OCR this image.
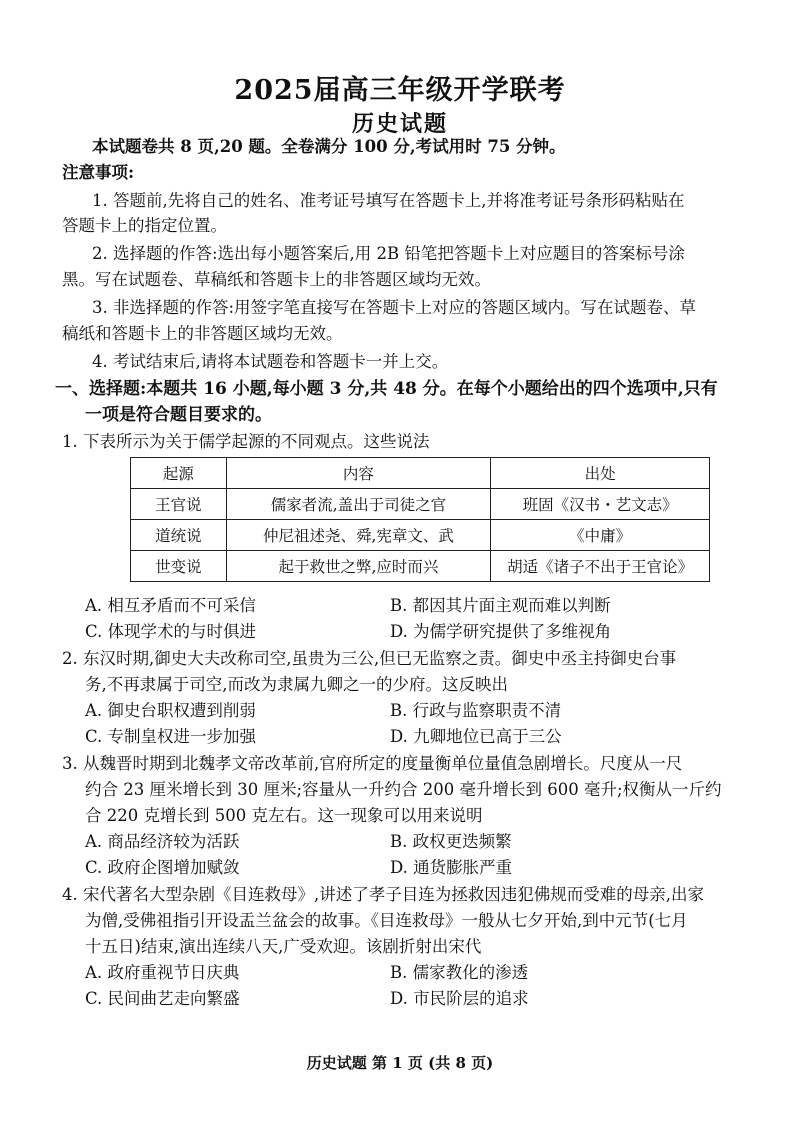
2025届高三年级开学联考
历史试题
本试题卷共 8 页,20 题。全卷满分 100 分,考试用时 75 分钟。
注意事项:
1. 答题前,先将自己的姓名、准考证号填写在答题卡上,并将准考证号条形码粘贴在
答题卡上的指定位置。
2. 选择题的作答:选出每小题答案后,用 2B 铅笔把答题卡上对应题目的答案标号涂
黑。写在试题卷、草稿纸和答题卡上的非答题区域均无效。
3. 非选择题的作答:用签字笔直接写在答题卡上对应的答题区域内。写在试题卷、草
稿纸和答题卡上的非答题区域均无效。
4. 考试结束后,请将本试题卷和答题卡一并上交。
一、选择题:本题共 16 小题,每小题 3 分,共 48 分。在每个小题给出的四个选项中,只有
一项是符合题目要求的。
1. 下表所示为关于儒学起源的不同观点。这些说法
起源	内容	出处
王官说	儒家者流,盖出于司徒之官	班固《汉书・艺文志》
道统说	仲尼祖述尧、舜,宪章文、武	《中庸》
世变说	起于救世之弊,应时而兴	胡适《诸子不出于王官论》
A. 相互矛盾而不可采信	B. 都因其片面主观而难以判断
C. 体现学术的与时俱进	D. 为儒学研究提供了多维视角
2. 东汉时期,御史大夫改称司空,虽贵为三公,但已无监察之责。御史中丞主持御史台事
务,不再隶属于司空,而改为隶属九卿之一的少府。这反映出
A. 御史台职权遭到削弱	B. 行政与监察职责不清
C. 专制皇权进一步加强	D. 九卿地位已高于三公
3. 从魏晋时期到北魏孝文帝改革前,官府所定的度量衡单位量值急剧增长。尺度从一尺
约合 23 厘米增长到 30 厘米;容量从一升约合 200 毫升增长到 600 毫升;权衡从一斤约
合 220 克增长到 500 克左右。这一现象可以用来说明
A. 商品经济较为活跃	B. 政权更迭频繁
C. 政府企图增加赋敛	D. 通货膨胀严重
4. 宋代著名大型杂剧《目连救母》,讲述了孝子目连为拯救因违犯佛规而受难的母亲,出家
为僧,受佛祖指引开设盂兰盆会的故事。《目连救母》一般从七夕开始,到中元节(七月
十五日)结束,演出连续八天,广受欢迎。该剧折射出宋代
A. 政府重视节日庆典	B. 儒家教化的渗透
C. 民间曲艺走向繁盛	D. 市民阶层的追求
历史试题 第 1 页 (共 8 页)
